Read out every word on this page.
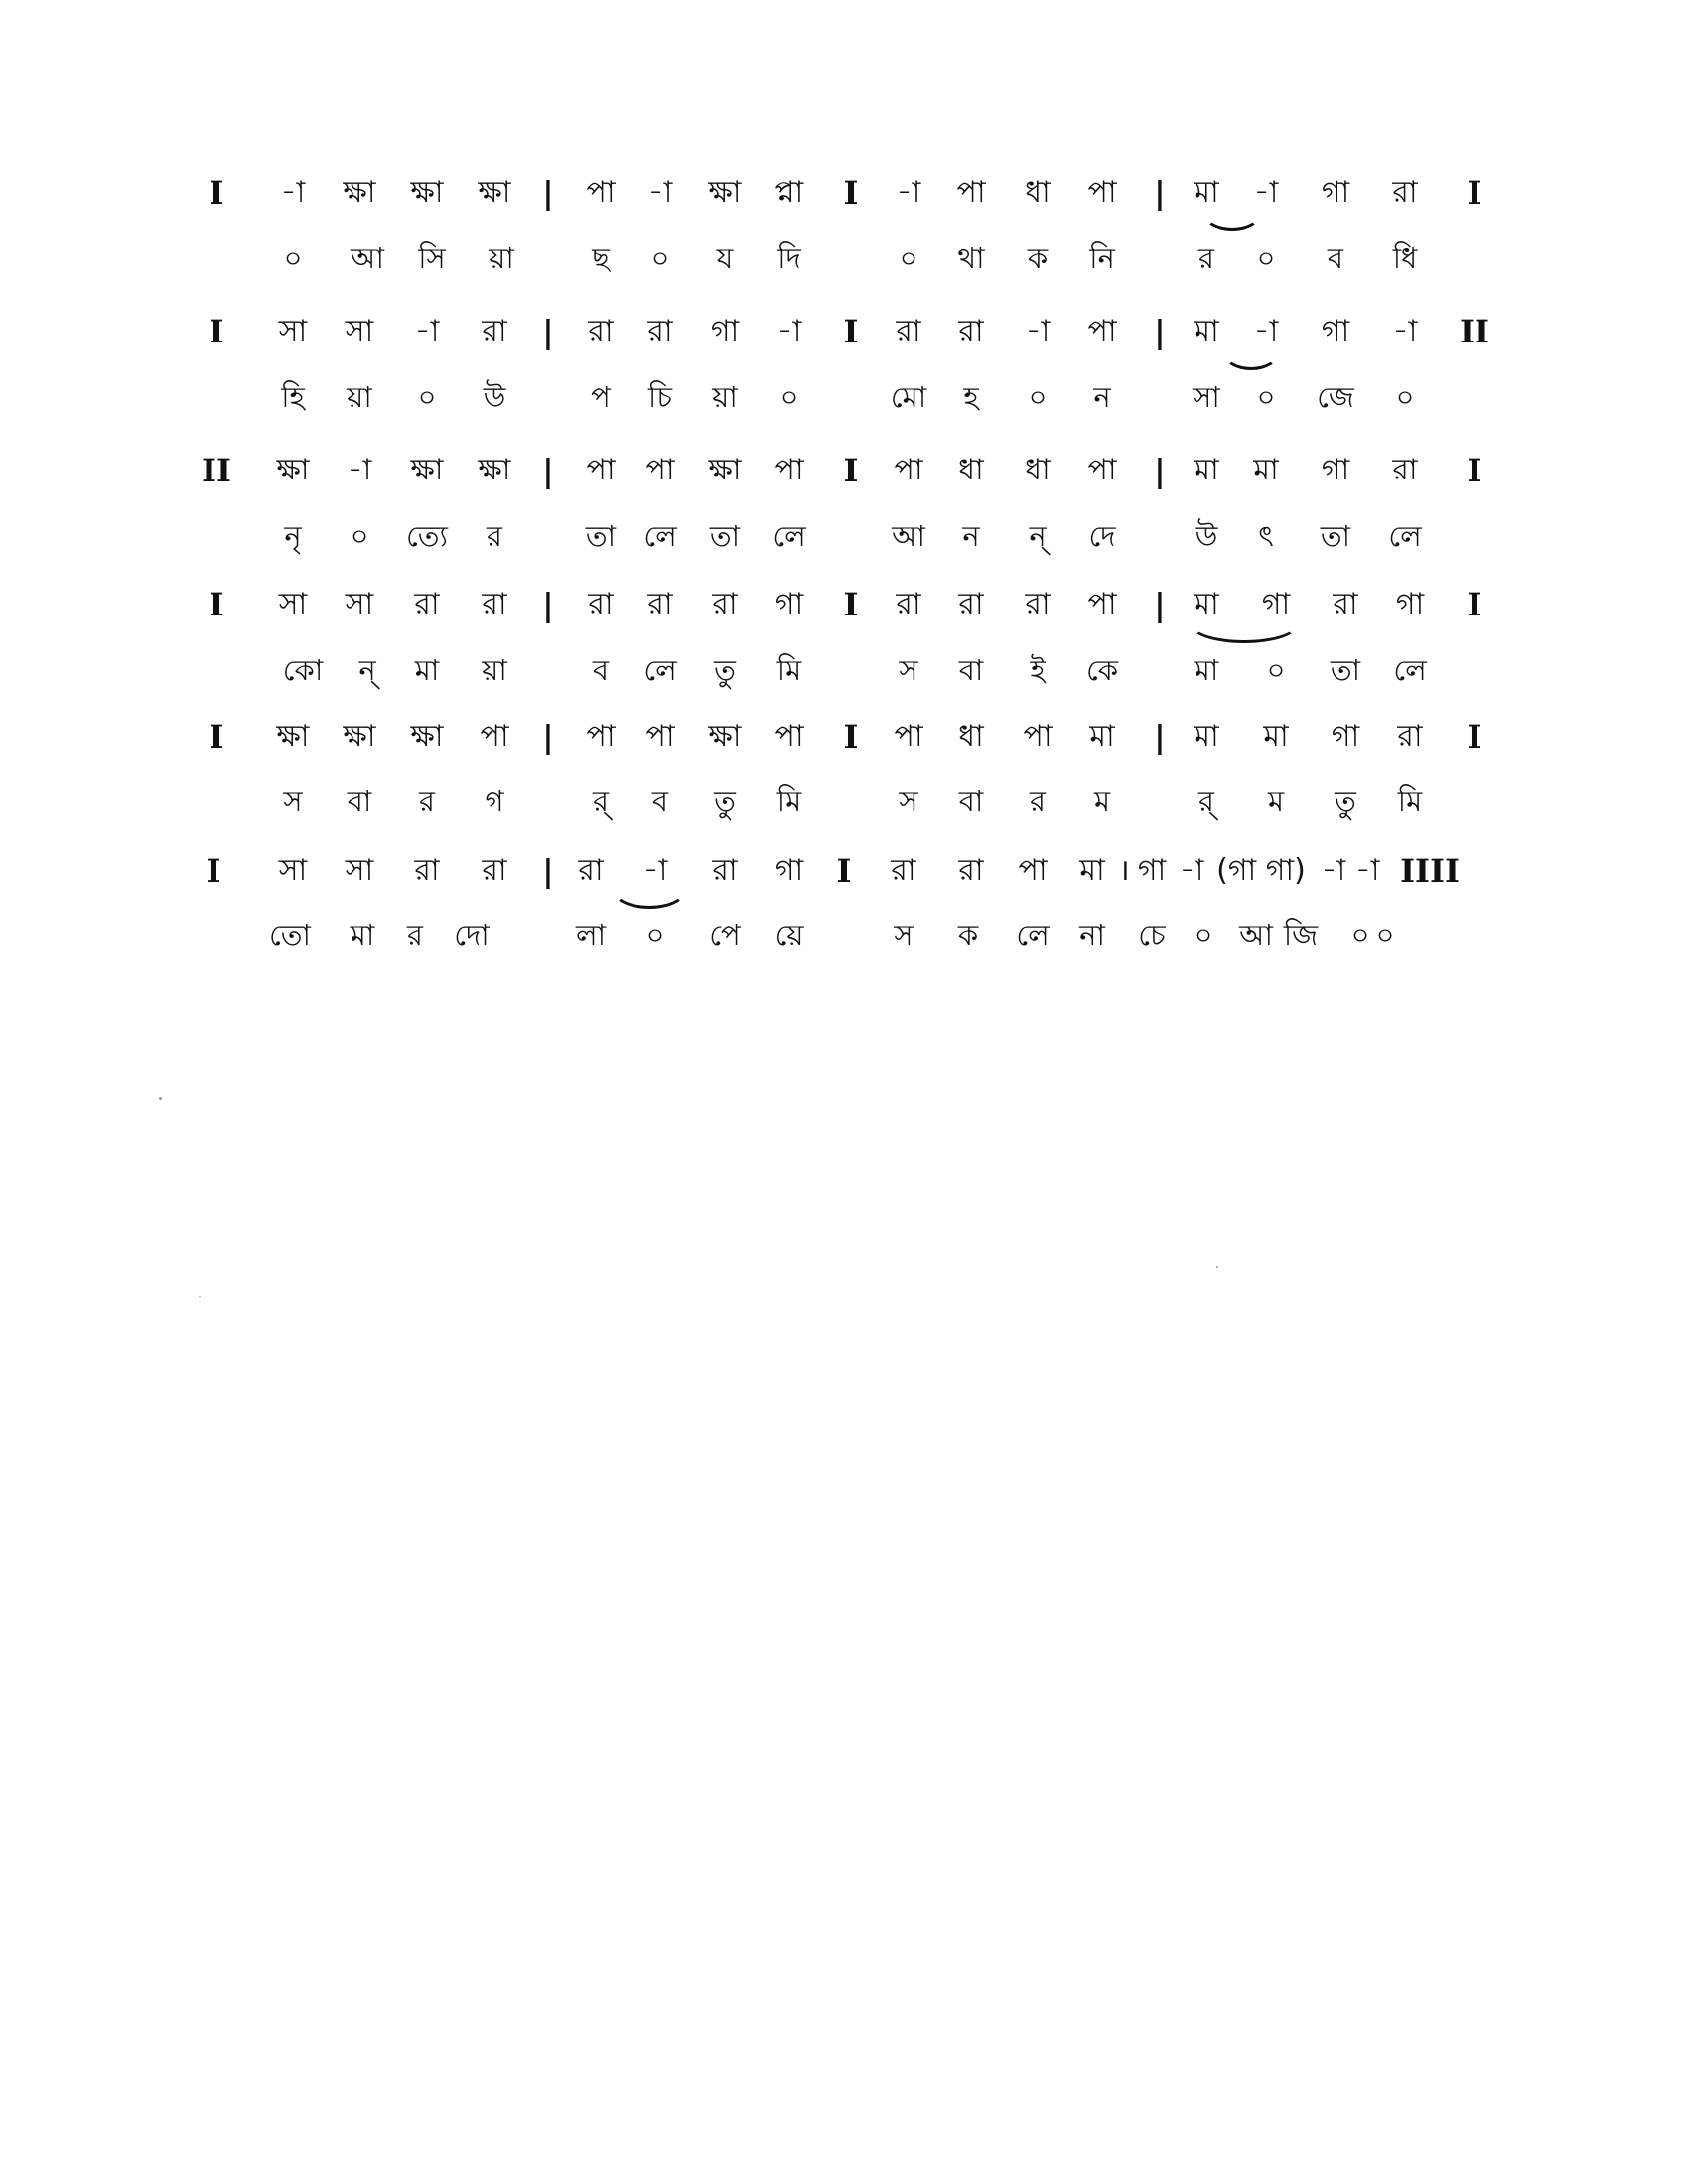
I -া ক্ষা ক্ষা ক্ষা | পা -া ক্ষা প্না I -া পা ধা পা | মা -া গা রা I
০ আ সি য়া	ছ ০ য দি	০ থা ক নি	র ০ ব ধি
I সা সা -া রা | রা রা গা -া I রা রা -া পা | মা -া গা -া II
হি য়া ০ উ	প চি য়া ০	মো হ ০ ন	সা ০ জে ০
II ক্ষা -া ক্ষা ক্ষা | পা পা ক্ষা পা I পা ধা ধা পা | মা মা গা রা I
নৃ ০ ত্যে র	তা লে তা লে	আ ন ন্ দে	উ ৎ তা লে
I সা সা রা রা | রা রা রা গা I রা রা রা পা | মা গা রা গা I
কো ন্ মা য়া	ব লে তু মি	স বা ই কে	মা ০ তা লে
I ক্ষা ক্ষা ক্ষা পা | পা পা ক্ষা পা I পা ধা পা মা | মা মা গা রা I
স বা র গ	র্ ব তু মি	স বা র ম	র্ ম তু মি
I সা সা রা রা | রা -া রা গা I রা রা পা মা । গা -া (গা গা) -া -া IIII
তো মা র দো	লা ০ পে য়ে	স ক লে না চে ০ আ জি ০ ০
